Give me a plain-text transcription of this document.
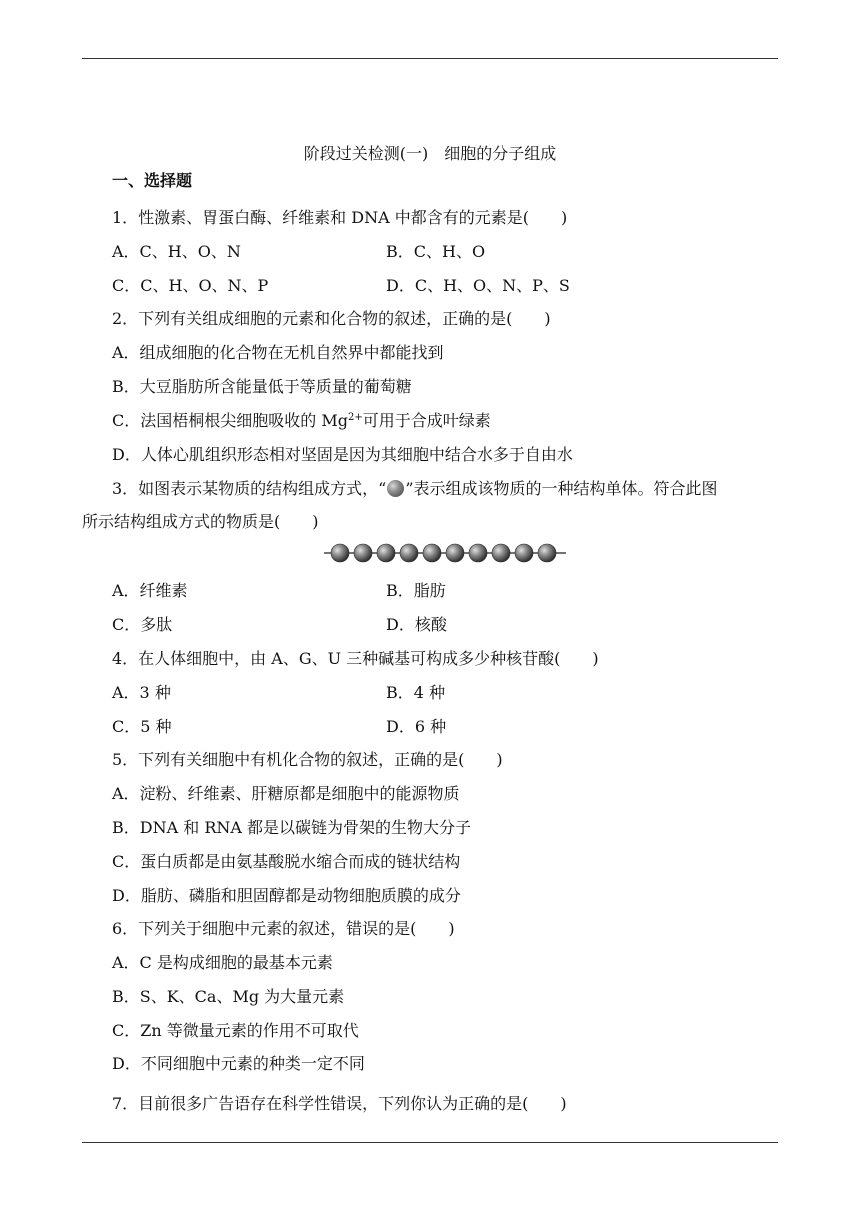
阶段过关检测(一)　细胞的分子组成
一、选择题
1．性激素、胃蛋白酶、纤维素和 DNA 中都含有的元素是(　　)
A．C、H、O、N	B．C、H、O
C．C、H、O、N、P	D．C、H、O、N、P、S
2．下列有关组成细胞的元素和化合物的叙述，正确的是(　　)
A．组成细胞的化合物在无机自然界中都能找到
B．大豆脂肪所含能量低于等质量的葡萄糖
C．法国梧桐根尖细胞吸收的 $Mg^{2+}$可用于合成叶绿素
D．人体心肌组织形态相对坚固是因为其细胞中结合水多于自由水
3．如图表示某物质的结构组成方式，“ ”表示组成该物质的一种结构单体。符合此图
所示结构组成方式的物质是(　　)
A．纤维素	B．脂肪
C．多肽	D．核酸
4．在人体细胞中，由 A、G、U 三种碱基可构成多少种核苷酸(　　)
A．3 种	B．4 种
C．5 种	D．6 种
5．下列有关细胞中有机化合物的叙述，正确的是(　　)
A．淀粉、纤维素、肝糖原都是细胞中的能源物质
B．DNA 和 RNA 都是以碳链为骨架的生物大分子
C．蛋白质都是由氨基酸脱水缩合而成的链状结构
D．脂肪、磷脂和胆固醇都是动物细胞质膜的成分
6．下列关于细胞中元素的叙述，错误的是(　　)
A．C 是构成细胞的最基本元素
B．S、K、Ca、Mg 为大量元素
C．Zn 等微量元素的作用不可取代
D．不同细胞中元素的种类一定不同
7．目前很多广告语存在科学性错误，下列你认为正确的是(　　)
